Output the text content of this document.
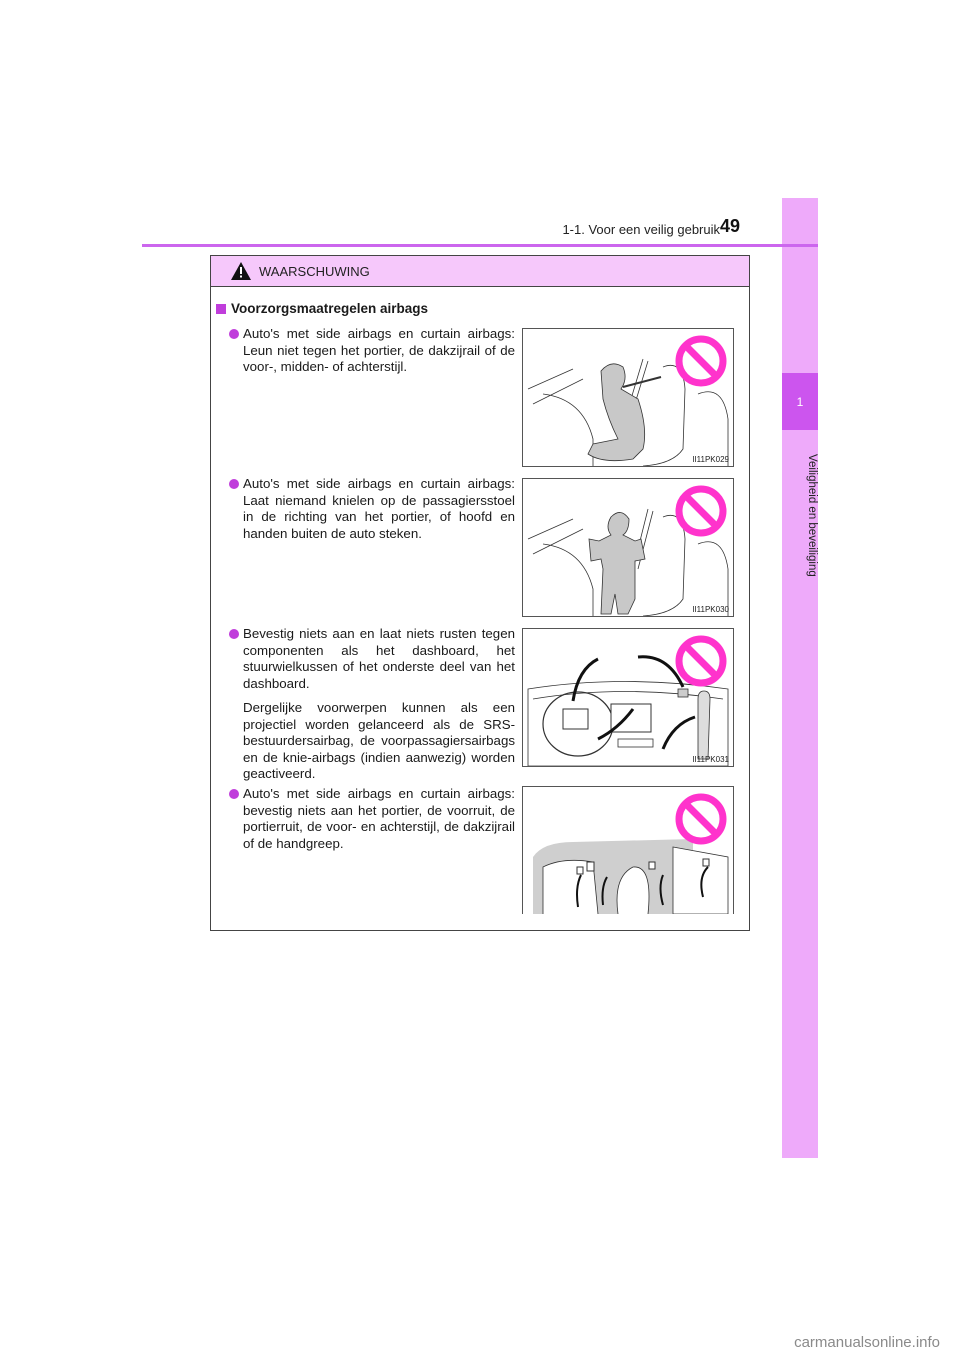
1
Veiligheid en beveiliging
1-1. Voor een veilig gebruik 49
WAARSCHUWING
Voorzorgsmaatregelen airbags

Auto's met side airbags en curtain airbags: Leun niet tegen het portier, de dakzijrail of de voor-, midden- of achterstijl.

II11PK029

Auto's met side airbags en curtain airbags: Laat niemand knielen op de passagiersstoel in de richting van het portier, of hoofd en handen buiten de auto steken.

II11PK030

Bevestig niets aan en laat niets rusten tegen componenten als het dashboard, het stuurwielkussen of het onderste deel van het dashboard.

Dergelijke voorwerpen kunnen als een projectiel worden gelanceerd als de SRS-bestuurdersairbag, de voorpassagiersairbags en de knie-airbags (indien aanwezig) worden geactiveerd.

II11PK031

Auto's met side airbags en curtain airbags: bevestig niets aan het portier, de voorruit, de portierruit, de voor- en achterstijl, de dakzijrail of de handgreep.

carmanualsonline.info
